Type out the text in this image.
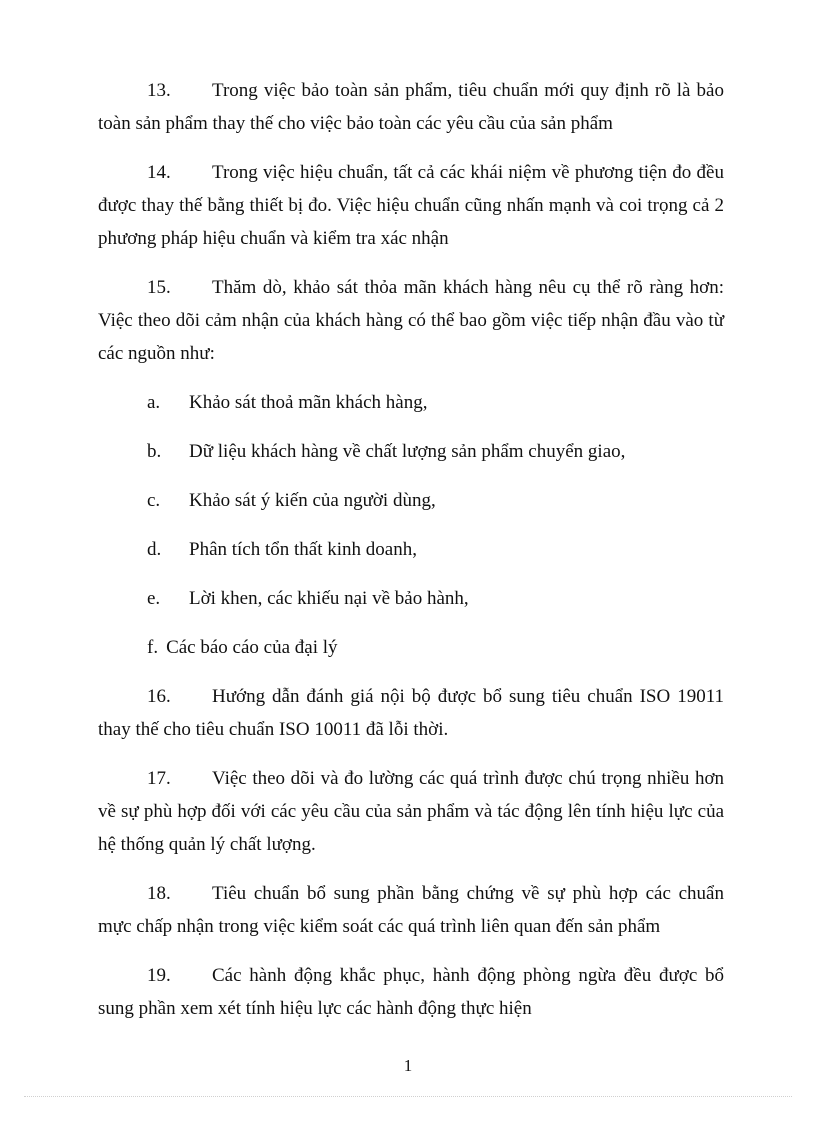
13. Trong việc bảo toàn sản phẩm, tiêu chuẩn mới quy định rõ là bảo toàn sản phẩm thay thế cho việc bảo toàn các yêu cầu của sản phẩm

14. Trong việc hiệu chuẩn, tất cả các khái niệm về phương tiện đo đều được thay thế bằng thiết bị đo. Việc hiệu chuẩn cũng nhấn mạnh và coi trọng cả 2 phương pháp hiệu chuẩn và kiểm tra xác nhận

15. Thăm dò, khảo sát thỏa mãn khách hàng nêu cụ thể rõ ràng hơn: Việc theo dõi cảm nhận của khách hàng có thể bao gồm việc tiếp nhận đầu vào từ các nguồn như:

a. Khảo sát thoả mãn khách hàng,

b. Dữ liệu khách hàng về chất lượng sản phẩm chuyển giao,

c. Khảo sát ý kiến của người dùng,

d. Phân tích tổn thất kinh doanh,

e. Lời khen, các khiếu nại về bảo hành,

f. Các báo cáo của đại lý

16. Hướng dẫn đánh giá nội bộ được bổ sung tiêu chuẩn ISO 19011 thay thế cho tiêu chuẩn ISO 10011 đã lỗi thời.

17. Việc theo dõi và đo lường các quá trình được chú trọng nhiều hơn về sự phù hợp đối với các yêu cầu của sản phẩm và tác động lên tính hiệu lực của hệ thống quản lý chất lượng.

18. Tiêu chuẩn bổ sung phần bằng chứng về sự phù hợp các chuẩn mực chấp nhận trong việc kiểm soát các quá trình liên quan đến sản phẩm

19. Các hành động khắc phục, hành động phòng ngừa đều được bổ sung phần xem xét tính hiệu lực các hành động thực hiện

1
